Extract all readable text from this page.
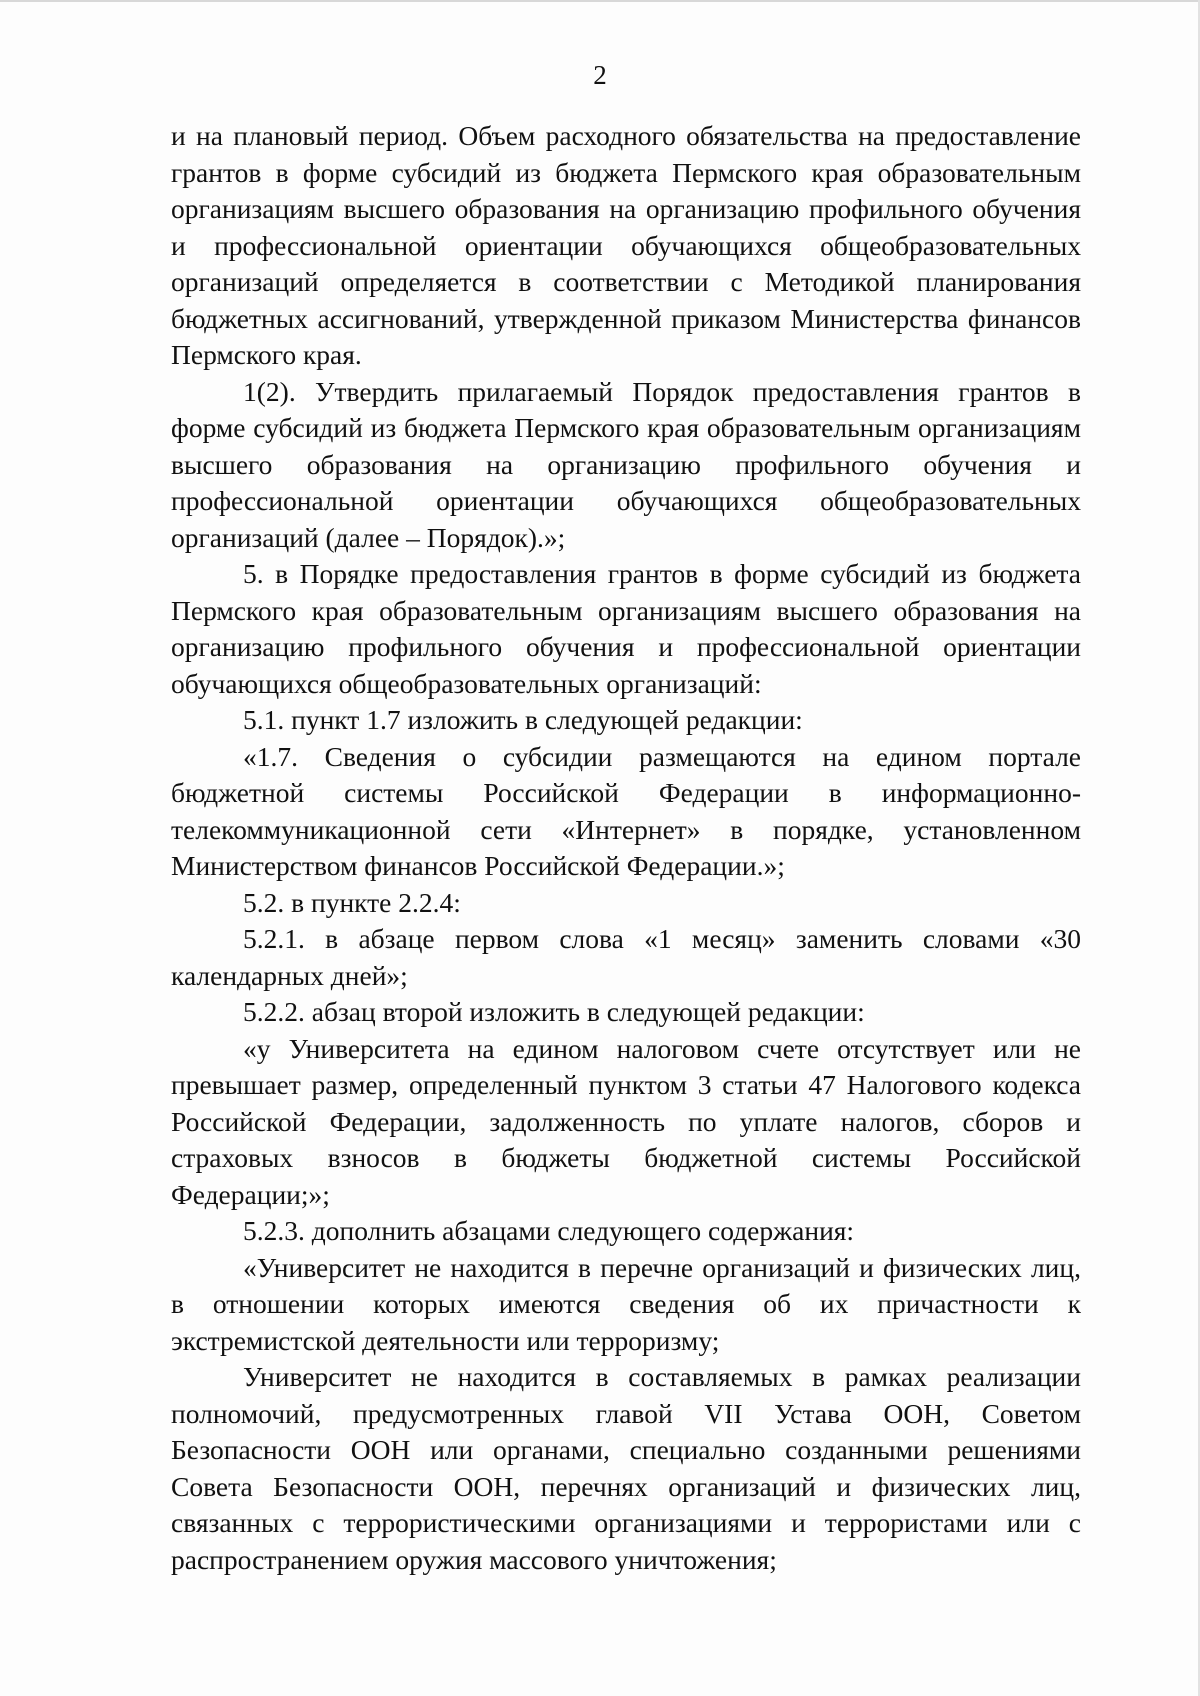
2

и на плановый период. Объем расходного обязательства на предоставление грантов в форме субсидий из бюджета Пермского края образовательным организациям высшего образования на организацию профильного обучения и профессиональной ориентации обучающихся общеобразовательных организаций определяется в соответствии с Методикой планирования бюджетных ассигнований, утвержденной приказом Министерства финансов Пермского края.

1(2). Утвердить прилагаемый Порядок предоставления грантов в форме субсидий из бюджета Пермского края образовательным организациям высшего образования на организацию профильного обучения и профессиональной ориентации обучающихся общеобразовательных организаций (далее – Порядок).»;

5. в Порядке предоставления грантов в форме субсидий из бюджета Пермского края образовательным организациям высшего образования на организацию профильного обучения и профессиональной ориентации обучающихся общеобразовательных организаций:

5.1. пункт 1.7 изложить в следующей редакции:

«1.7. Сведения о субсидии размещаются на едином портале бюджетной системы Российской Федерации в информационно-телекоммуникационной сети «Интернет» в порядке, установленном Министерством финансов Российской Федерации.»;

5.2. в пункте 2.2.4:

5.2.1. в абзаце первом слова «1 месяц» заменить словами «30 календарных дней»;

5.2.2. абзац второй изложить в следующей редакции:

«у Университета на едином налоговом счете отсутствует или не превышает размер, определенный пунктом 3 статьи 47 Налогового кодекса Российской Федерации, задолженность по уплате налогов, сборов и страховых взносов в бюджеты бюджетной системы Российской Федерации;»;

5.2.3. дополнить абзацами следующего содержания:

«Университет не находится в перечне организаций и физических лиц, в отношении которых имеются сведения об их причастности к экстремистской деятельности или терроризму;

Университет не находится в составляемых в рамках реализации полномочий, предусмотренных главой VII Устава ООН, Советом Безопасности ООН или органами, специально созданными решениями Совета Безопасности ООН, перечнях организаций и физических лиц, связанных с террористическими организациями и террористами или с распространением оружия массового уничтожения;
